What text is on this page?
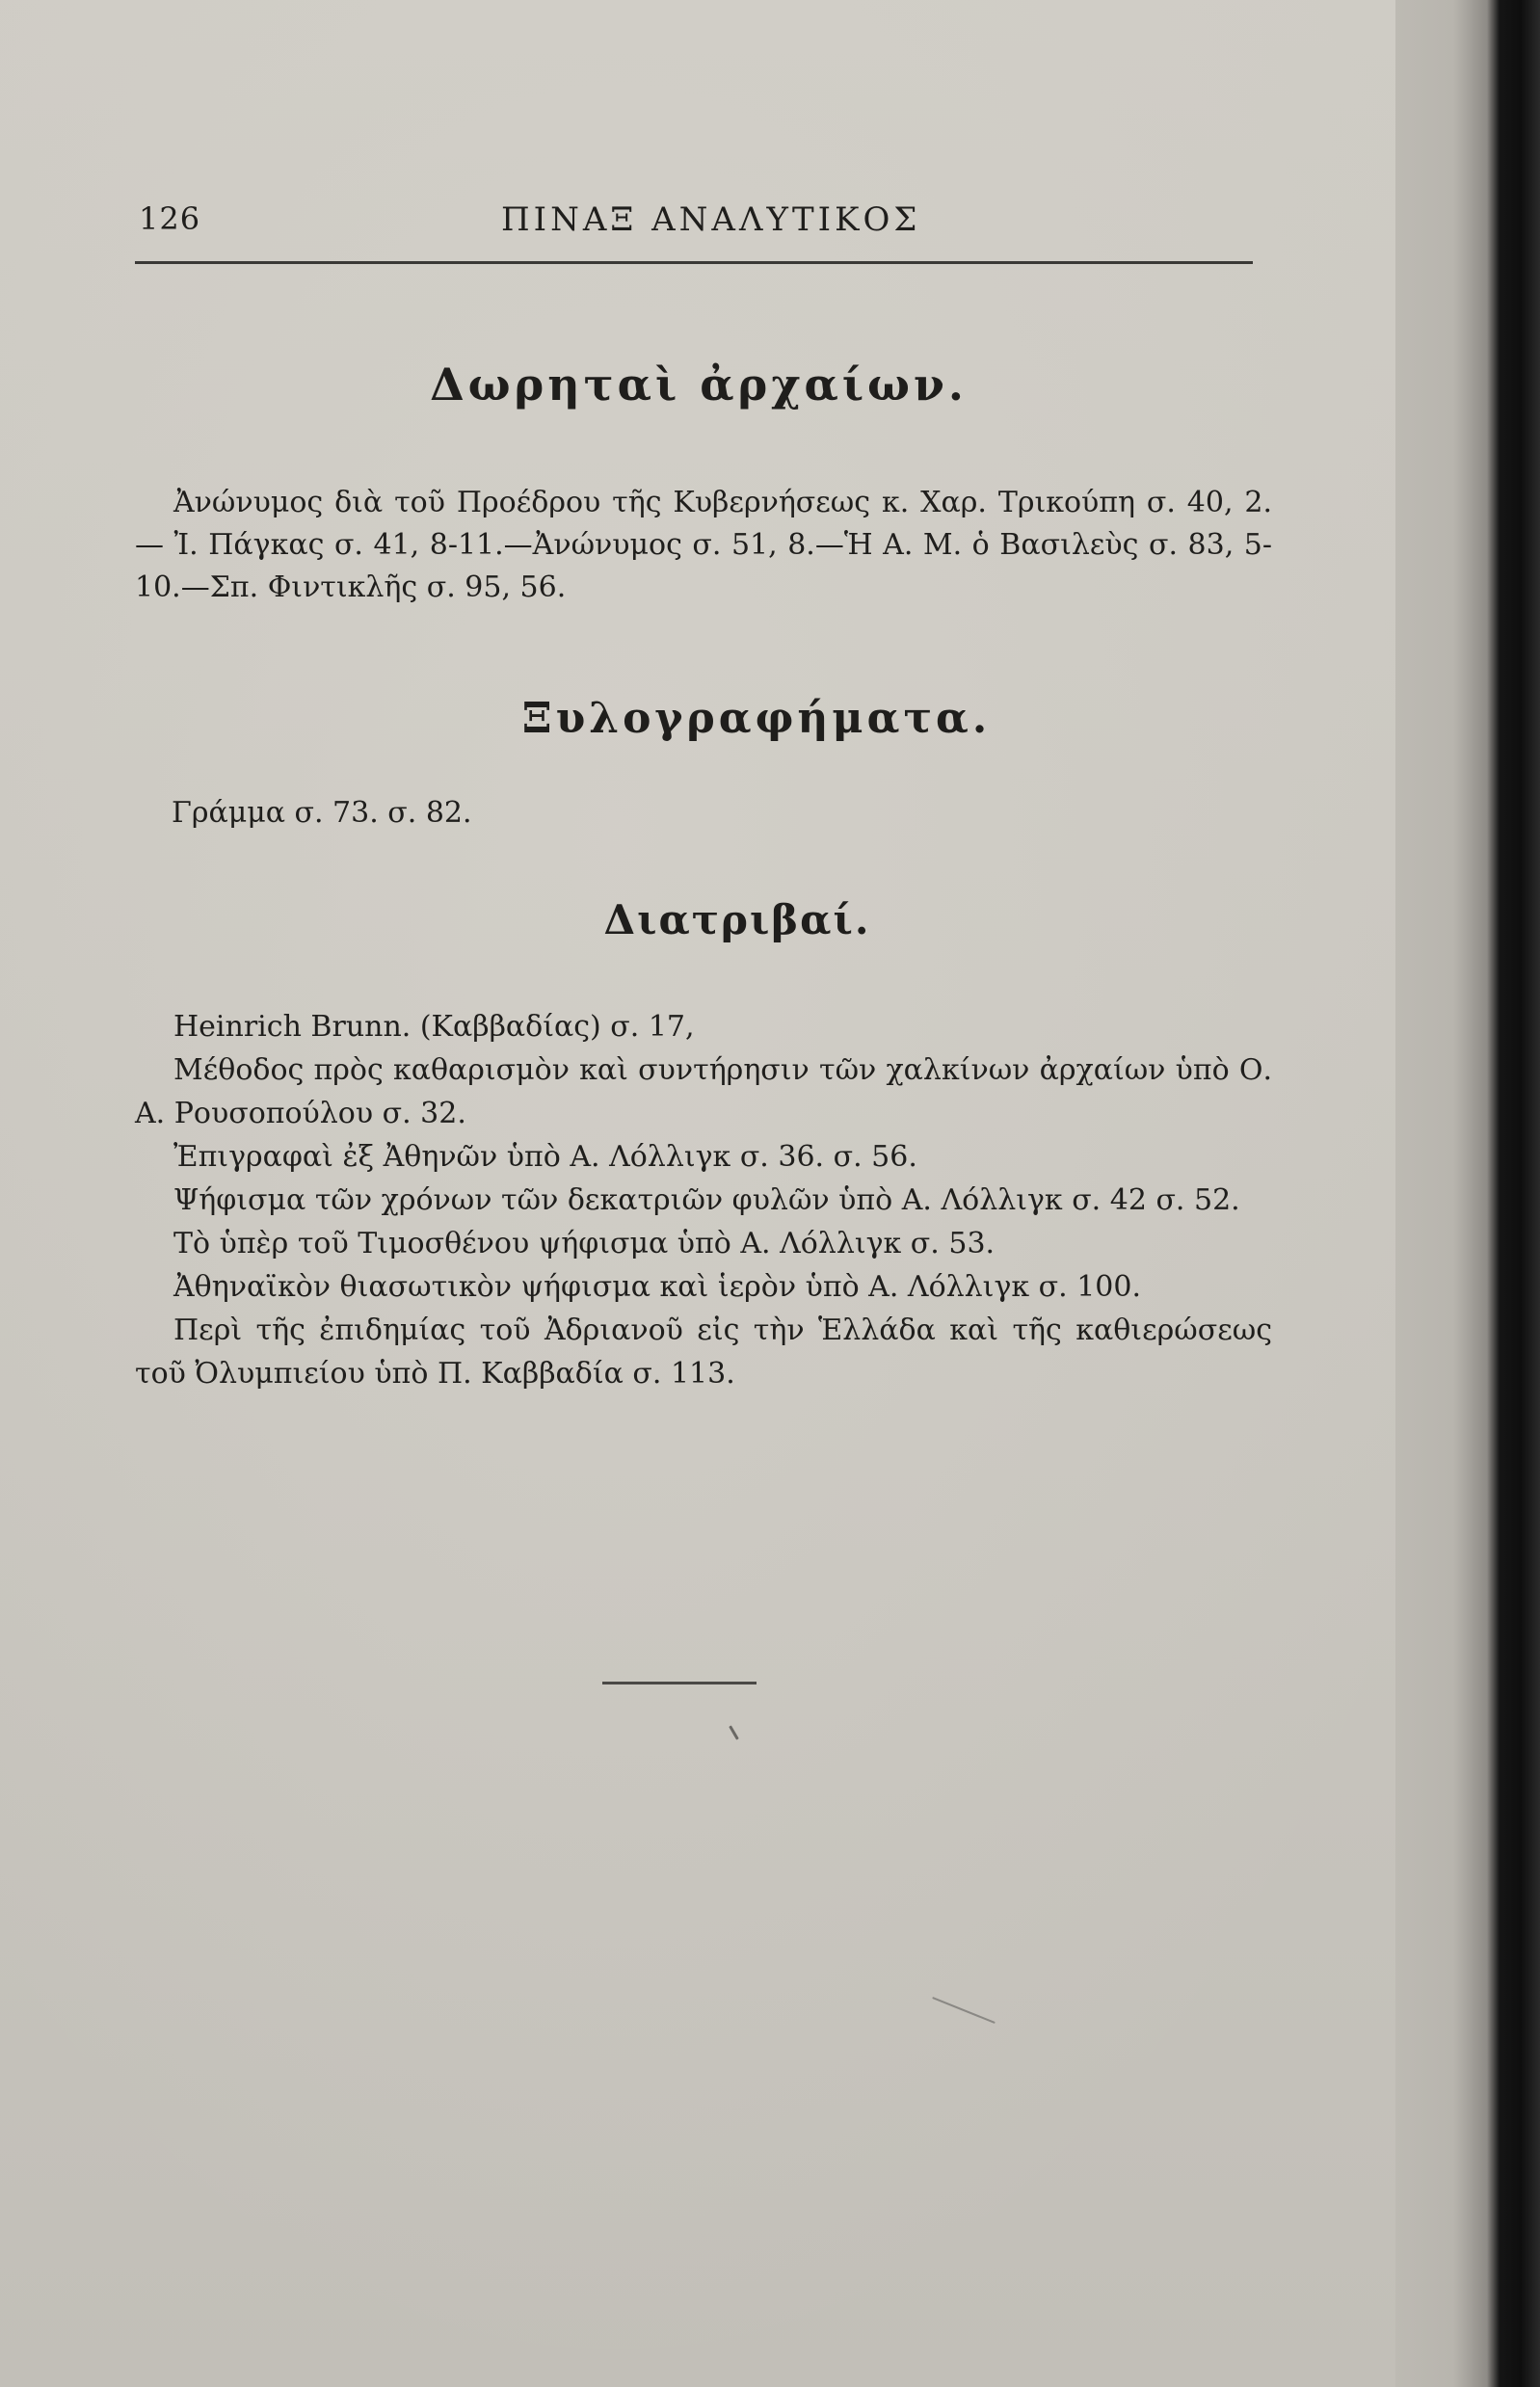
126	ΠΙΝΑΞ ΑΝΑΛΥΤΙΚΟΣ
Δωρηταὶ ἀρχαίων.
Ἀνώνυμος διὰ τοῦ Προέδρου τῆς Κυβερνήσεως κ. Χαρ. Τρικούπη σ. 40, 2.— Ἰ. Πάγκας σ. 41, 8-11.—Ἀνώνυμος σ. 51, 8.—Ἡ Α. Μ. ὁ Βασιλεὺς σ. 83, 5-10.—Σπ. Φιντικλῆς σ. 95, 56.
Ξυλογραφήματα.
Γράμμα σ. 73. σ. 82.
Διατριβαί.
Heinrich Brunn. (Καββαδίας) σ. 17,
Μέθοδος πρὸς καθαρισμὸν καὶ συντήρησιν τῶν χαλκίνων ἀρχαίων ὑπὸ Ο. Α. Ρουσοπούλου σ. 32.
Ἐπιγραφαὶ ἐξ Ἀθηνῶν ὑπὸ Α. Λόλλιγκ σ. 36. σ. 56.
Ψήφισμα τῶν χρόνων τῶν δεκατριῶν φυλῶν ὑπὸ Α. Λόλλιγκ σ. 42 σ. 52.
Τὸ ὑπὲρ τοῦ Τιμοσθένου ψήφισμα ὑπὸ Α. Λόλλιγκ σ. 53.
Ἀθηναϊκὸν θιασωτικὸν ψήφισμα καὶ ἱερὸν ὑπὸ Α. Λόλλιγκ σ. 100.
Περὶ τῆς ἐπιδημίας τοῦ Ἀδριανοῦ εἰς τὴν Ἑλλάδα καὶ τῆς καθιερώσεως τοῦ Ὀλυμπιείου ὑπὸ Π. Καββαδία σ. 113.
